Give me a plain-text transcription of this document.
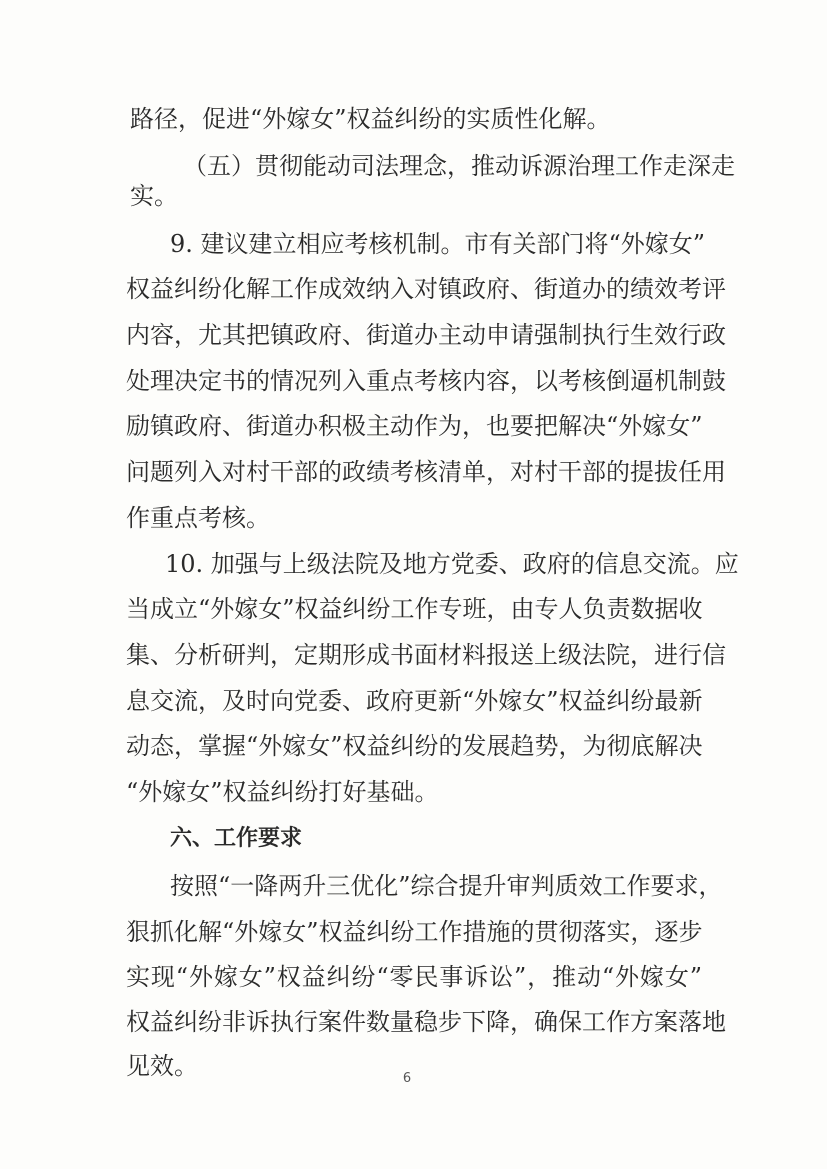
路径，促进“外嫁女”权益纠纷的实质性化解。
（五）贯彻能动司法理念，推动诉源治理工作走深走
实。
9. 建议建立相应考核机制。市有关部门将“外嫁女”
权益纠纷化解工作成效纳入对镇政府、街道办的绩效考评
内容，尤其把镇政府、街道办主动申请强制执行生效行政
处理决定书的情况列入重点考核内容，以考核倒逼机制鼓
励镇政府、街道办积极主动作为，也要把解决“外嫁女”
问题列入对村干部的政绩考核清单，对村干部的提拔任用
作重点考核。
10. 加强与上级法院及地方党委、政府的信息交流。应
当成立“外嫁女”权益纠纷工作专班，由专人负责数据收
集、分析研判，定期形成书面材料报送上级法院，进行信
息交流，及时向党委、政府更新“外嫁女”权益纠纷最新
动态，掌握“外嫁女”权益纠纷的发展趋势，为彻底解决
“外嫁女”权益纠纷打好基础。
六、工作要求
按照“一降两升三优化”综合提升审判质效工作要求，
狠抓化解“外嫁女”权益纠纷工作措施的贯彻落实，逐步
实现“外嫁女”权益纠纷“零民事诉讼”，推动“外嫁女”
权益纠纷非诉执行案件数量稳步下降，确保工作方案落地
见效。	6
